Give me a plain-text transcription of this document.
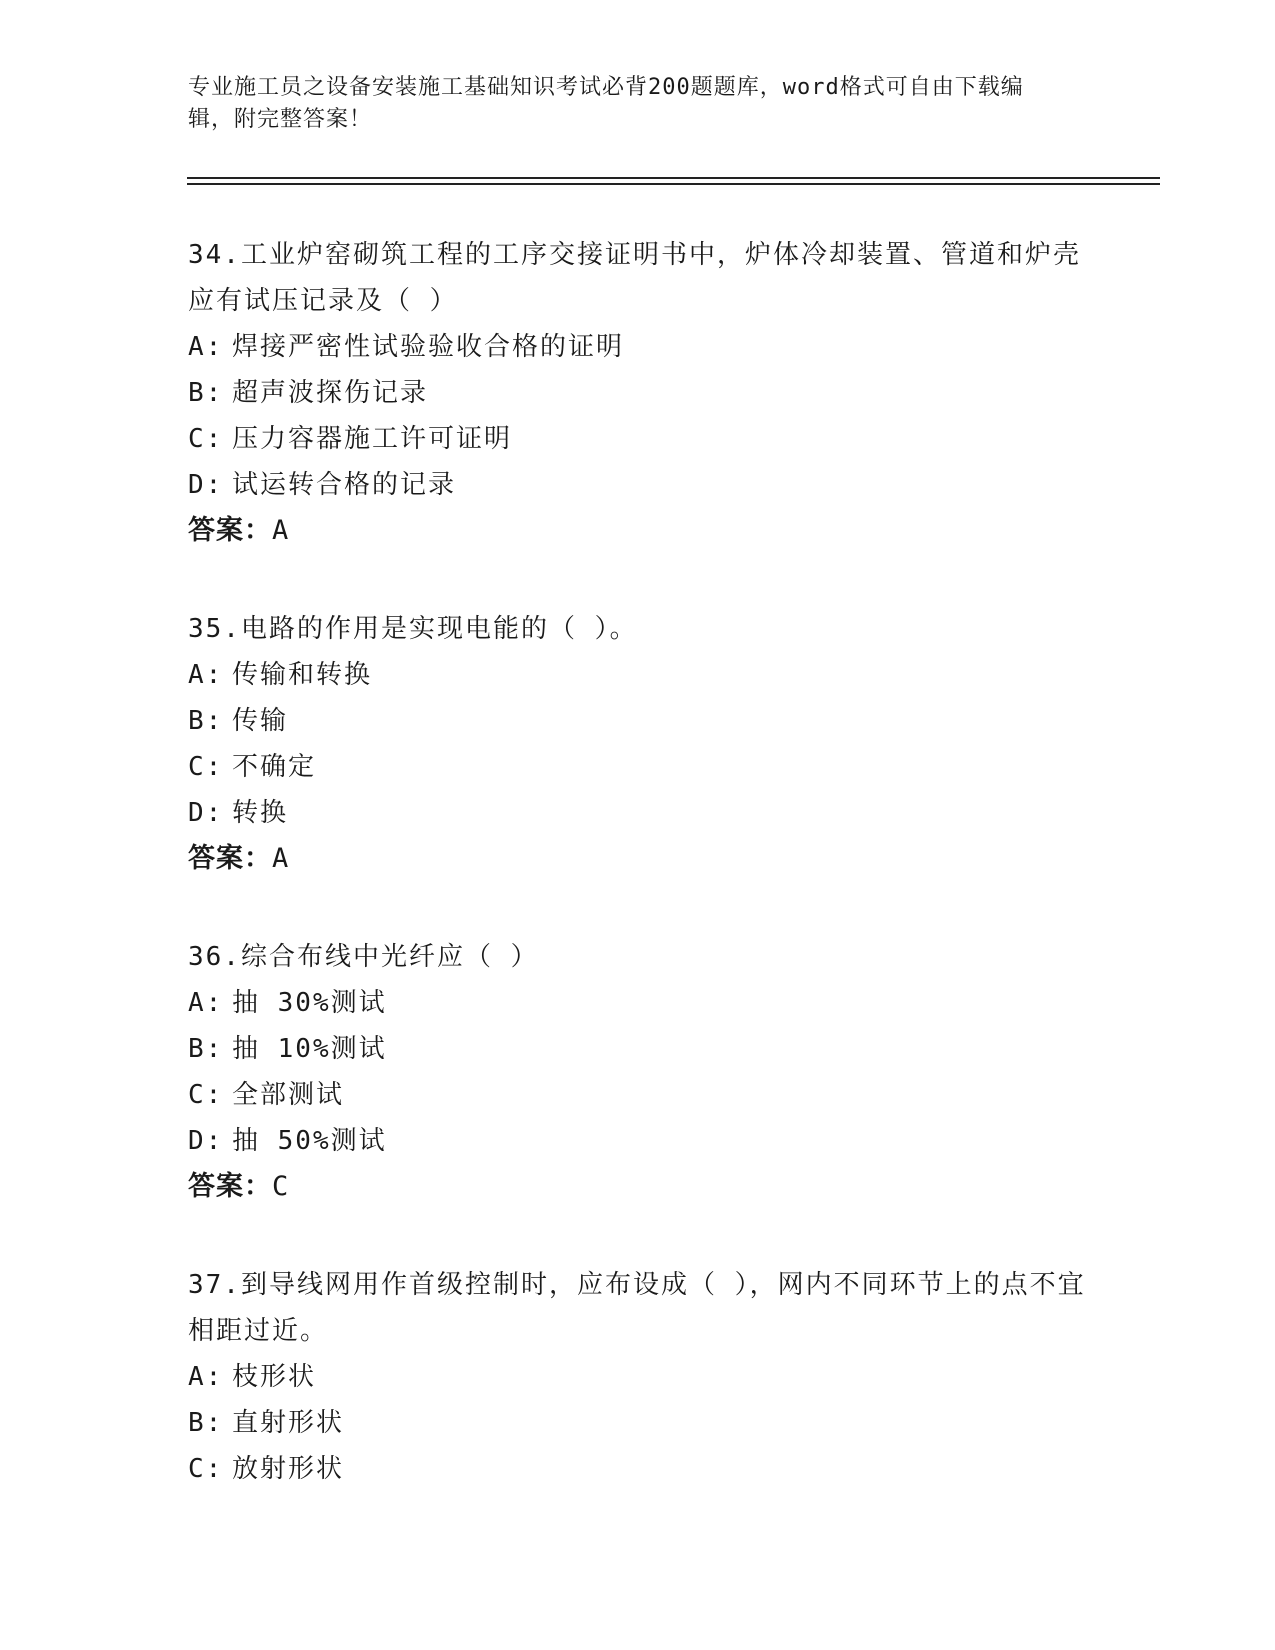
专业施工员之设备安装施工基础知识考试必背200题题库，word格式可自由下载编辑，附完整答案！
34.工业炉窑砌筑工程的工序交接证明书中，炉体冷却装置、管道和炉壳应有试压记录及（ ）
A: 焊接严密性试验验收合格的证明
B: 超声波探伤记录
C: 压力容器施工许可证明
D: 试运转合格的记录
答案：A
35.电路的作用是实现电能的（ ）。
A: 传输和转换
B: 传输
C: 不确定
D: 转换
答案：A
36.综合布线中光纤应（ ）
A: 抽 30%测试
B: 抽 10%测试
C: 全部测试
D: 抽 50%测试
答案：C
37.到导线网用作首级控制时，应布设成（ ），网内不同环节上的点不宜相距过近。
A: 枝形状
B: 直射形状
C: 放射形状
